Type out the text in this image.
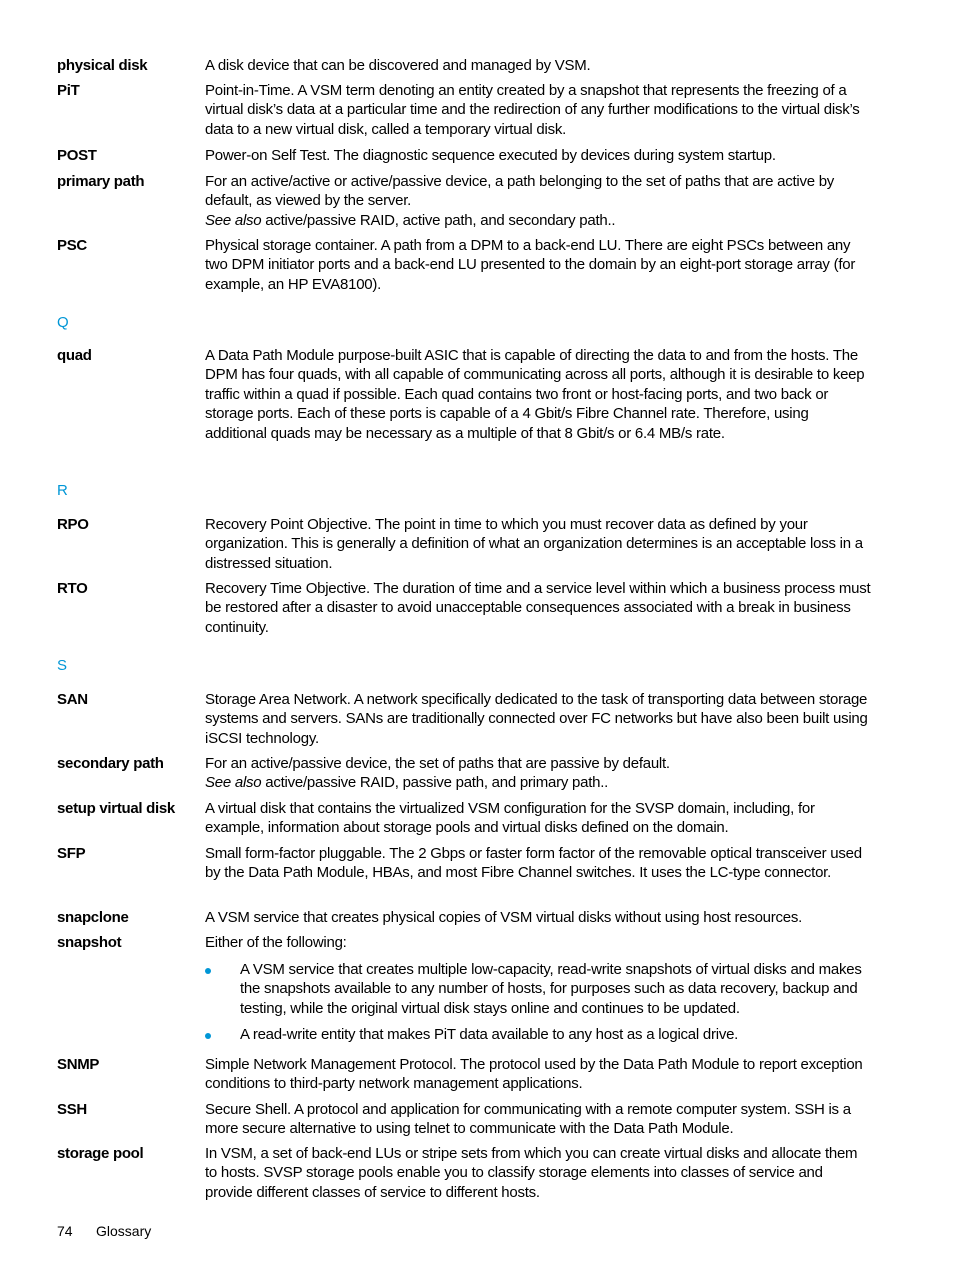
physical disk	A disk device that can be discovered and managed by VSM.

PiT	Point-in-Time. A VSM term denoting an entity created by a snapshot that represents the freezing of a virtual disk’s data at a particular time and the redirection of any further modifications to the virtual disk’s data to a new virtual disk, called a temporary virtual disk.

POST	Power-on Self Test. The diagnostic sequence executed by devices during system startup.

primary path	For an active/active or active/passive device, a path belonging to the set of paths that are active by default, as viewed by the server.

See also active/passive RAID, active path, and secondary path..

PSC	Physical storage container. A path from a DPM to a back-end LU. There are eight PSCs between any two DPM initiator ports and a back-end LU presented to the domain by an eight-port storage array (for example, an HP EVA8100).

Q
quad	A Data Path Module purpose-built ASIC that is capable of directing the data to and from the hosts. The DPM has four quads, with all capable of communicating across all ports, although it is desirable to keep traffic within a quad if possible. Each quad contains two front or host-facing ports, and two back or storage ports. Each of these ports is capable of a 4 Gbit/s Fibre Channel rate. Therefore, using additional quads may be necessary as a multiple of that 8 Gbit/s or 6.4 MB/s rate.

R
RPO	Recovery Point Objective. The point in time to which you must recover data as defined by your organization. This is generally a definition of what an organization determines is an acceptable loss in a distressed situation.

RTO	Recovery Time Objective. The duration of time and a service level within which a business process must be restored after a disaster to avoid unacceptable consequences associated with a break in business continuity.

S
SAN	Storage Area Network. A network specifically dedicated to the task of transporting data between storage systems and servers. SANs are traditionally connected over FC networks but have also been built using iSCSI technology.

secondary path	For an active/passive device, the set of paths that are passive by default.

See also active/passive RAID, passive path, and primary path..

setup virtual disk	A virtual disk that contains the virtualized VSM configuration for the SVSP domain, including, for example, information about storage pools and virtual disks defined on the domain.

SFP	Small form-factor pluggable. The 2 Gbps or faster form factor of the removable optical transceiver used by the Data Path Module, HBAs, and most Fibre Channel switches. It uses the LC-type connector.

snapclone	A VSM service that creates physical copies of VSM virtual disks without using host resources.

snapshot	Either of the following:

A VSM service that creates multiple low-capacity, read-write snapshots of virtual disks and makes the snapshots available to any number of hosts, for purposes such as data recovery, backup and testing, while the original virtual disk stays online and continues to be updated.
A read-write entity that makes PiT data available to any host as a logical drive.
SNMP	Simple Network Management Protocol. The protocol used by the Data Path Module to report exception conditions to third-party network management applications.

SSH	Secure Shell. A protocol and application for communicating with a remote computer system. SSH is a more secure alternative to using telnet to communicate with the Data Path Module.

storage pool	In VSM, a set of back-end LUs or stripe sets from which you can create virtual disks and allocate them to hosts. SVSP storage pools enable you to classify storage elements into classes of service and provide different classes of service to different hosts.

74 Glossary
